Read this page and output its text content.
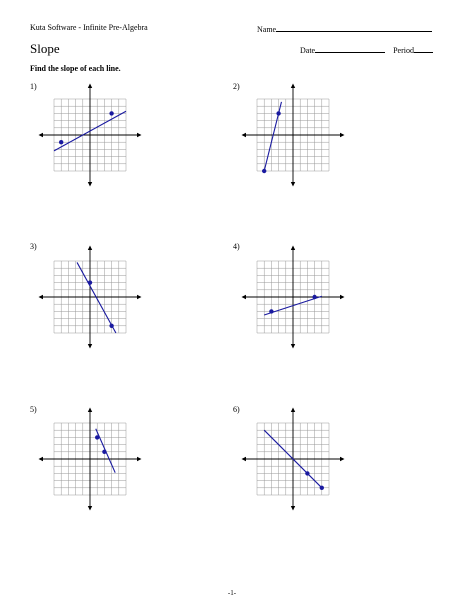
Kuta Software - Infinite Pre-Algebra	Name
Slope	Date	Period
Find the slope of each line.
1)	2)
3)	4)
5)	6)
-1-
